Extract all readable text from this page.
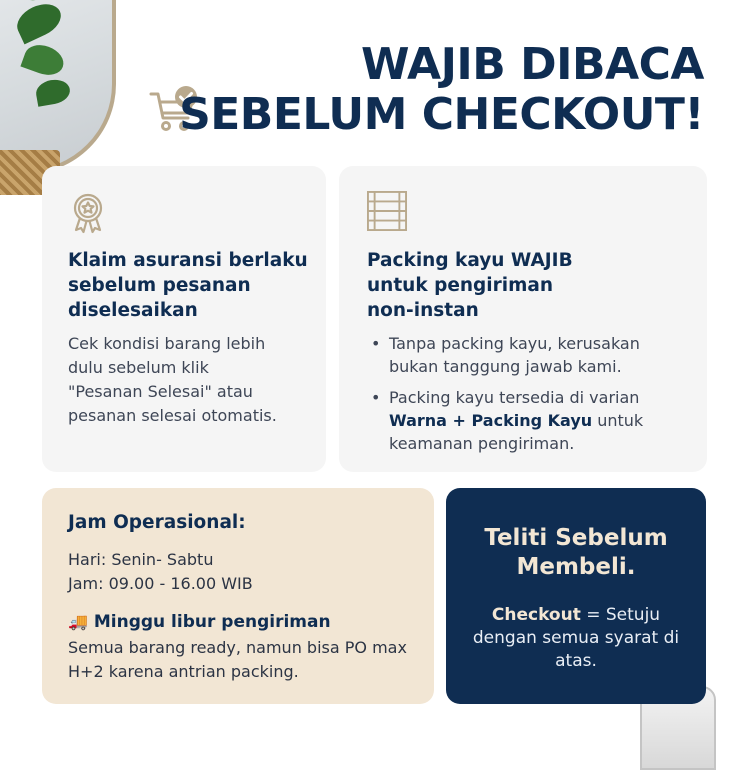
WAJIB DIBACA
SEBELUM CHECKOUT!
Klaim asuransi berlaku sebelum pesanan diselesaikan

Cek kondisi barang lebih dulu sebelum klik "Pesanan Selesai" atau pesanan selesai otomatis.

Packing kayu WAJIB
untuk pengiriman non-instan
• Tanpa packing kayu, kerusakan bukan tanggung jawab kami.
• Packing kayu tersedia di varian Warna + Packing Kayu untuk keamanan pengiriman.
Jam Operasional:

Hari: Senin- Sabtu

Jam: 09.00 - 16.00 WIB

🚚 Minggu libur pengiriman

Semua barang ready, namun bisa PO max H+2 karena antrian packing.

Teliti Sebelum Membeli.

Checkout = Setuju dengan semua syarat di atas.
